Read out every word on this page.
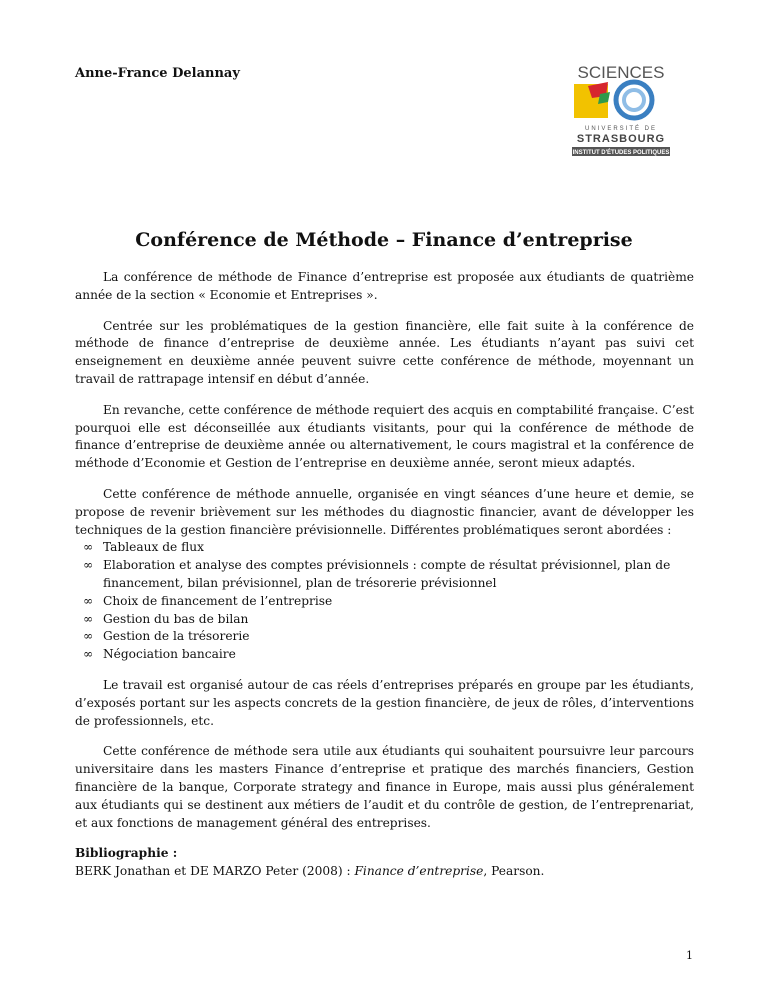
Anne-France Delannay	SCIENCES
UNIVERSITÉ DE
STRASBOURG
INSTITUT D'ÉTUDES POLITIQUES
Conférence de Méthode – Finance d’entreprise

La conférence de méthode de Finance d’entreprise est proposée aux étudiants de quatrième année de la section « Economie et Entreprises ».

Centrée sur les problématiques de la gestion financière, elle fait suite à la conférence de méthode de finance d’entreprise de deuxième année. Les étudiants n’ayant pas suivi cet enseignement en deuxième année peuvent suivre cette conférence de méthode, moyennant un travail de rattrapage intensif en début d’année.

En revanche, cette conférence de méthode requiert des acquis en comptabilité française. C’est pourquoi elle est déconseillée aux étudiants visitants, pour qui la conférence de méthode de finance d’entreprise de deuxième année ou alternativement, le cours magistral et la conférence de méthode d’Economie et Gestion de l’entreprise en deuxième année, seront mieux adaptés.

Cette conférence de méthode annuelle, organisée en vingt séances d’une heure et demie, se propose de revenir brièvement sur les méthodes du diagnostic financier, avant de développer les techniques de la gestion financière prévisionnelle. Différentes problématiques seront abordées :

∞ Tableaux de flux
∞ Elaboration et analyse des comptes prévisionnels : compte de résultat prévisionnel, plan de financement, bilan prévisionnel, plan de trésorerie prévisionnel
∞ Choix de financement de l’entreprise
∞ Gestion du bas de bilan
∞ Gestion de la trésorerie
∞ Négociation bancaire

Le travail est organisé autour de cas réels d’entreprises préparés en groupe par les étudiants, d’exposés portant sur les aspects concrets de la gestion financière, de jeux de rôles, d’interventions de professionnels, etc.

Cette conférence de méthode sera utile aux étudiants qui souhaitent poursuivre leur parcours universitaire dans les masters Finance d’entreprise et pratique des marchés financiers, Gestion financière de la banque, Corporate strategy and finance in Europe, mais aussi plus généralement aux étudiants qui se destinent aux métiers de l’audit et du contrôle de gestion, de l’entreprenariat, et aux fonctions de management général des entreprises.

Bibliographie :
BERK Jonathan et DE MARZO Peter (2008) : Finance d’entreprise, Pearson.
1
